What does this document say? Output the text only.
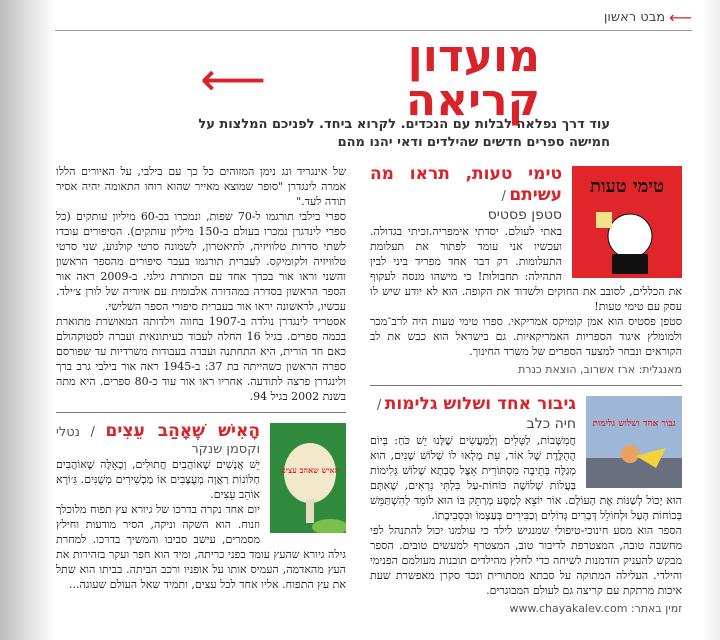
⟵
מבט ראשון
מועדון קריאה
⟵
עוד דרך נפלאה לבלות עם הנכדים. לקרוא ביחד. לפניכם המלצות על חמישה ספרים חדשים שהילדים ודאי יהנו מהם
טימי טעות
טימי טעות, תראו מה עשיתם /
סטפן פסטיס

באתי לעולם. יסדתי אימפריה.זכיתי בגדולה. ועכשיו אני עומד לפתור את תעלומת התעלומות. רק דבר אחד מפריד ביני לבין התהילה: תחבולות! כי מישהו מנסה לעקוף את הכללים, לסובב את החוקים ולשדוד את הקופה. הוא לא יודע שיש לו עסק עם טימי טעות!

סטפן פסטיס הוא אמן קומיקס אמריקאי. ספרו טימי טעות היה לרב־מכר ולמומלץ איגוד הספריות האמריקאיות. גם בישראל הוא כבש את לב הקוראים ונבחר למצעד הספרים של משרד החינוך.

מאנגלית: ארז אשרוב, הוצאת כנרת
גבור אחד ושלוש גלימות
גיבור אחד ושלוש גלימות /
חיה כלב

חֲמִשָּׁבוֹת, לַטְּלִים וְלַמַּעֲשִׂים שֶׁלָּנוּ יֵשׁ כֹּחַ: בְּיוֹם הֻהֻלֶּדֶת שֶׁל אוֹר, עֵת מָלְאוּ לוֹ שָׁלוֹשׁ שָׁנִים, הוּא מְגַלֶּה בְּתֵיבָה מִסְתּוֹרִית אֵצֶל סָבְתָא שָׁלוֹשׁ גְּלִימוֹת בַּעֲלוֹת שְׁלוֹשָׁה כּוֹחוֹת-עַל בִּלְתִּי נִרְאִים, שֶׁאִתָּם הוּא יָכוֹל לְשַׁנּוֹת אֶת הָעוֹלָם. אוֹר יוֹצֵא לְמַסָּע מְרַתֵּק בּוֹ הוּא לוֹמֵד לְהִשְׁתַּמֵּשׁ בְּכוֹחוֹת הָעַל וּלְחוֹלֵל דְּבָרִים גְּדוֹלִים וְכַבִּירִים בְּעַצְמוֹ וּבִסְבִיבָתוֹ.

הספר הוא מסע חינוכי-טיפולי שמנגיש לילד כי עולמנו יכול להתנהל לפי מחשבה טובה, המצטרפת לדיבור טוב, המצטרף למעשים טובים. הספר מבקש להעניק הזדמנות לשיחה כדי לחלץ מהילדים תובנות מעולמם הפנימי והילדי. העלילה המתוקה על סבתא מסתורית ונכד סקרן מאפשרת שעת איכות מרתקת עם קריצה גם לעולם המבוגרים.

זמין באתר: www.chayakalev.com

של אינגריד ונג נימן המזוהים כל כך עם בילבי, על האיורים הללו אמרה לינגדרן "סופר שמוצא מאייר שהוא רוחו התאומה יהיה אסיר תודה לעד."

ספרי בילבי תורגמו ל-70 שפות, ונמכרו בכ-60 מיליון עותקים (כל ספרי לינדגרן נמכרו בעולם ב-150 מיליון עותקים). הסיפורים עובדו לשתי סדרות טלוויזיה, לתיאטרון, לשמונה סרטי קולנוע, שני סרטי טלוויזיה ולקומיקס. לעברית תורגמו בעבר סיפורים מהספר הראשון והשני וראו אור בכרך אחד עם הכותרת גילגי. ב-2009 ראה אור הספר הראשון בסדרה במהדורה אלבומית עם איוריה של לורן צ׳ילד. עכשיו, לראשונה יראו אור בעברית סיפורי הספר השלישי.

אסטריד לינגדרן נולדה ב-1907 בחווה וילדותה המאושרת מתוארת בכמה ספרים. בגיל 16 החלה לעבוד כעיתונאית ועברה לסטוקהולם כאם חד הורית, היא התחתנה ועבדה בעבודות משרדיות עד שפורסם ספרה הראשון כשהייתה בת 37: ב-1945 ראה אור בילבי גרב ברך ולינגדרן פרצה לתודעה. אחריו ראו אור עוד כ-80 ספרים. היא מתה בשנת 2002 בגיל 94.

האיש שאהב עצים
הָאִישׁ שֶׁאָהַב עֵצִים / נטלי וקסמן שנקר

יֵשׁ אֲנָשִׁים שֶׁאוֹהֲבִים חֲתוּלִים, וְכָאֵלֶּה שֶׁאוֹהֲבִים חַלּוֹנוֹת רַאֲוָה מְעֻצָּבִים אוֹ מַכְשִׁירִים מְשֻׁנִּים. גִּ׳וֹרָא אוֹהֵב עֵצִים.

יום אחד נקרה בדרכו של גיורא עץ תפוח מלוכלך וזנוח. הוא השקה וניקה, הסיר מודעות וחילץ מסמרים, עישב סביבו והמשיך בדרכו. למחרת גילה גיורא שהעץ עומד בפני כריתה, ומיד הוא חפר ועקר בזהירות את העץ מהאדמה, העמיס אותו על אופניו ורכב הביתה. בביתו הוא שתל את עץ התפוח. אליו אחד לכל עצים, ותמיד שאל העולם שעוגה...
